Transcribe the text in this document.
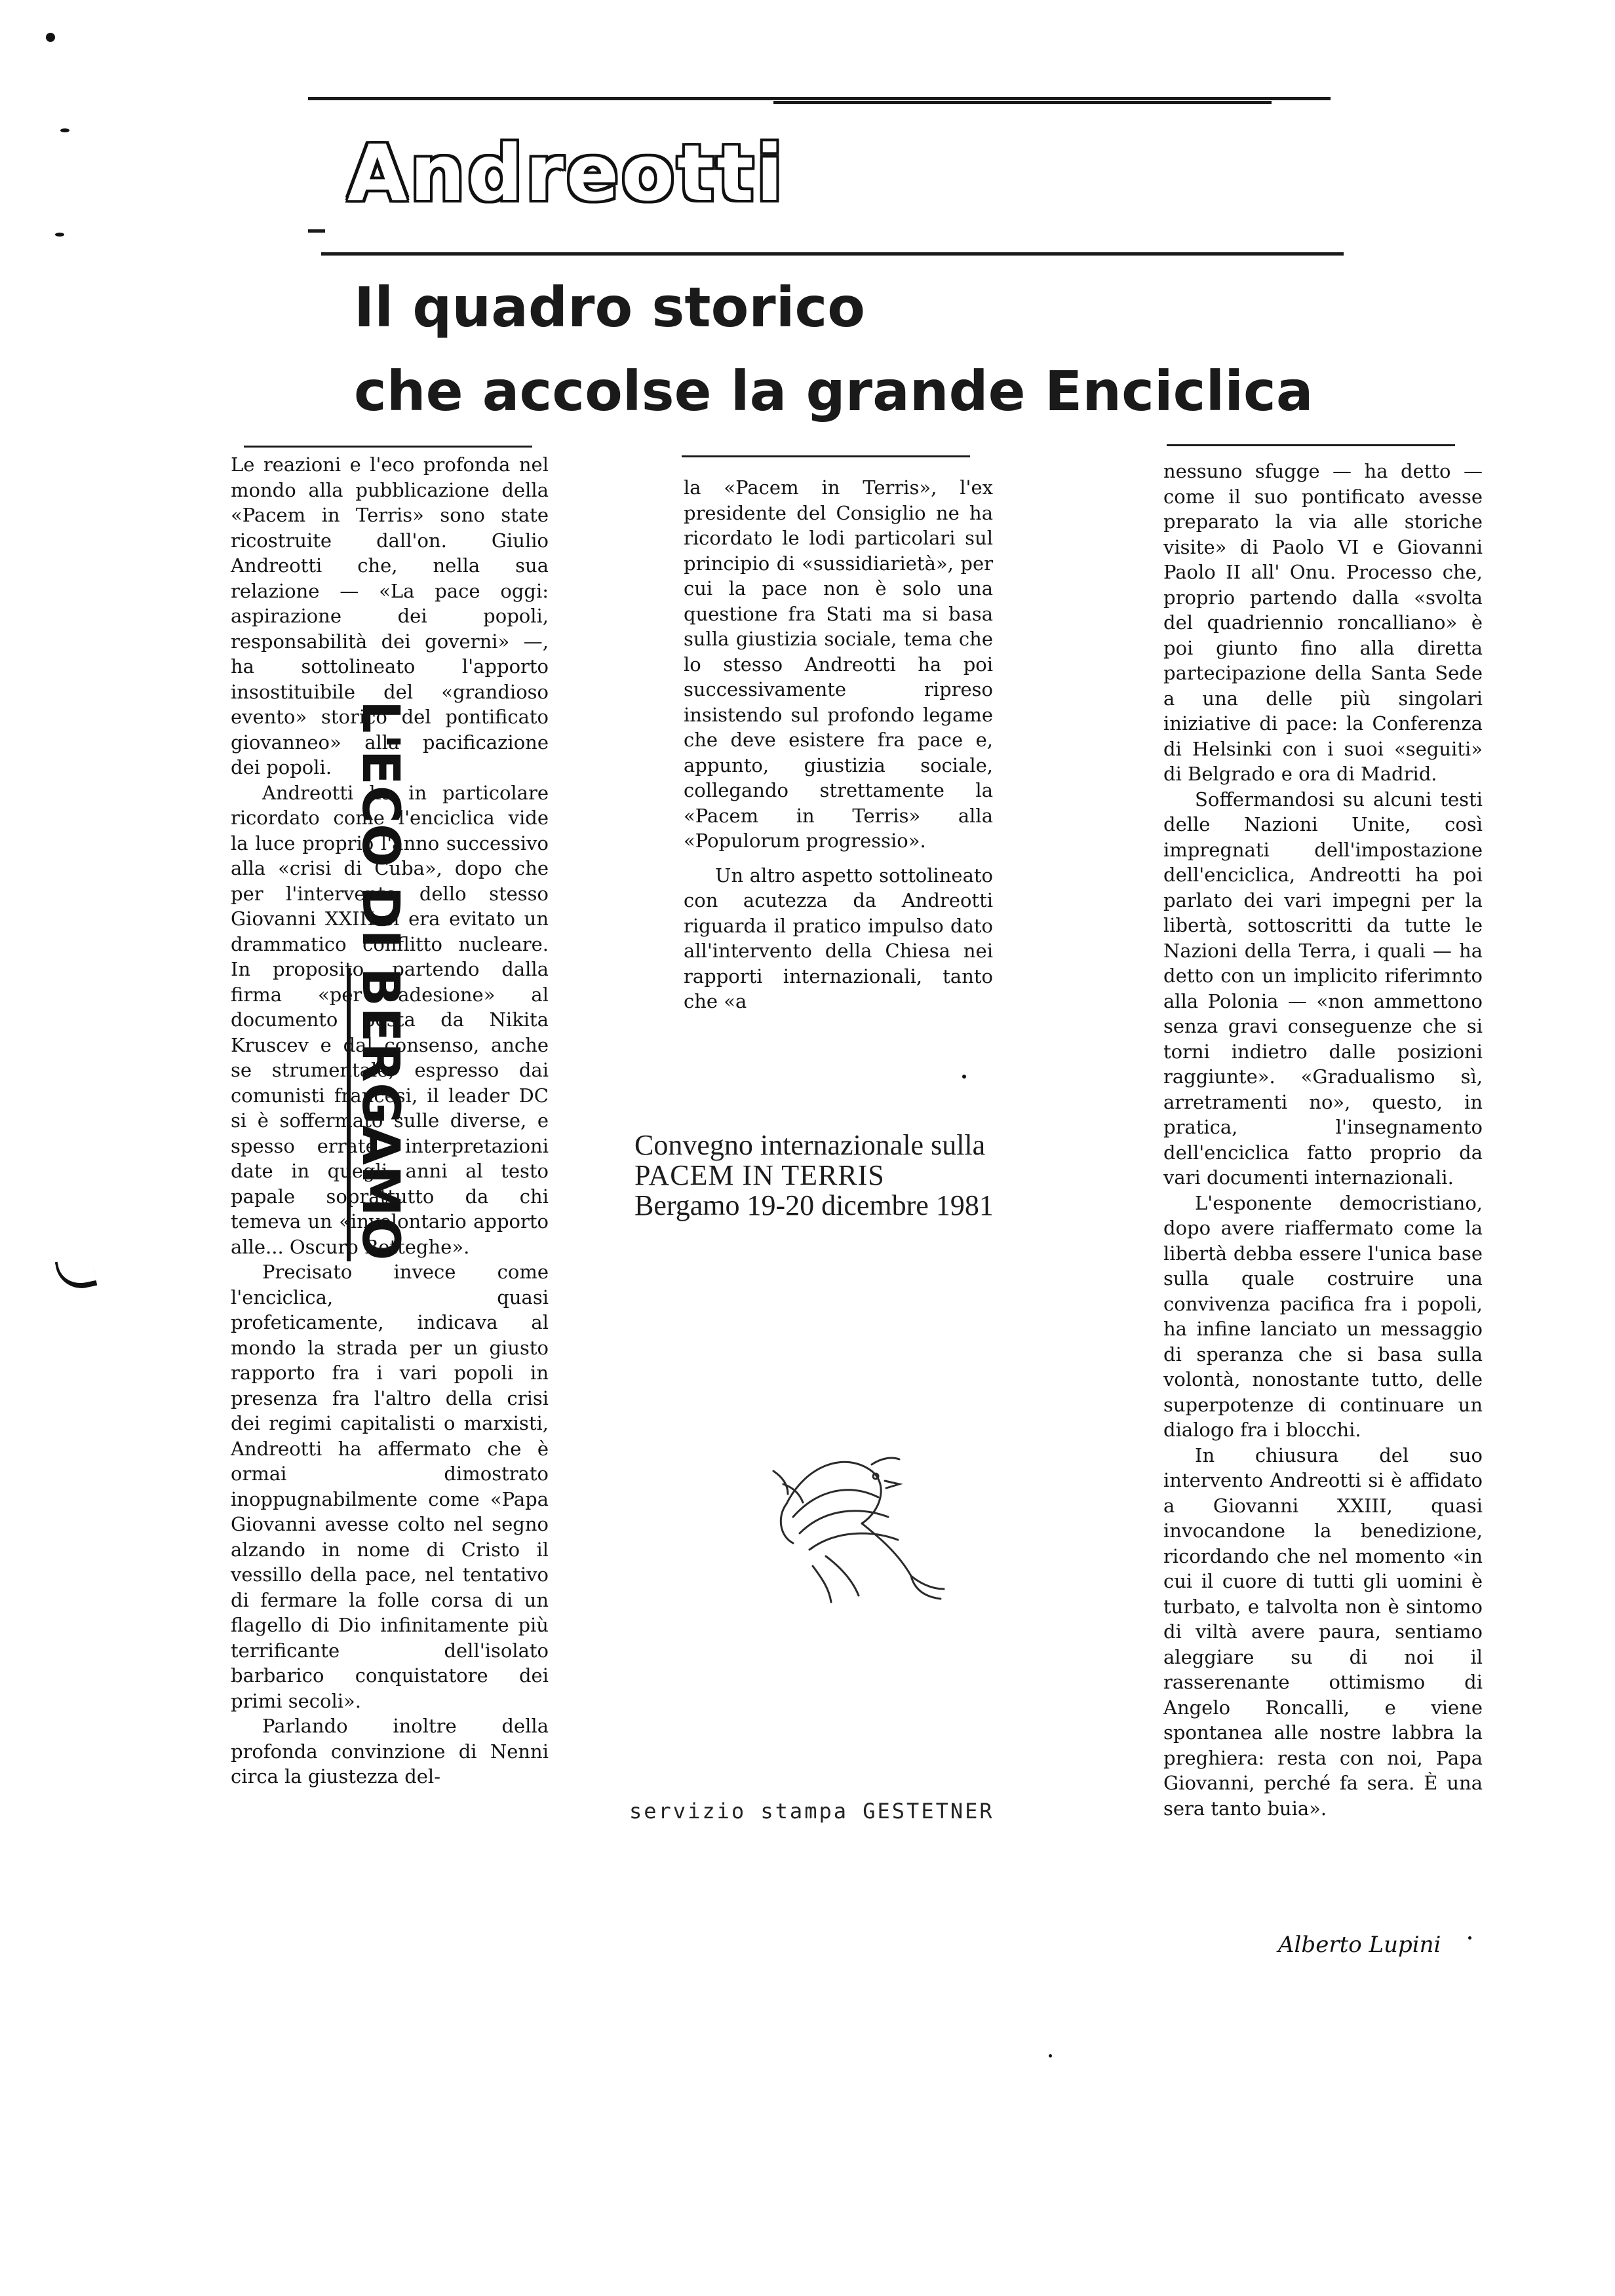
Andreotti
Il quadro storico
che accolse la grande Enciclica
L'ECO DI BERGAMO

Le reazioni e l'eco profonda nel mondo alla pubblicazione della «Pacem in Terris» sono state ricostruite dall'on. Giulio Andreotti che, nella sua relazione — «La pace oggi: aspirazione dei popoli, responsabilità dei governi» —, ha sottolineato l'apporto insostituibile del «grandioso evento» storico del pontificato giovanneo» alla pacificazione dei popoli.

Andreotti ha in particolare ricordato come l'enciclica vide la luce proprio l'anno successivo alla «crisi di Cuba», dopo che per l'intervento dello stesso Giovanni XXIII si era evitato un drammatico conflitto nucleare. In proposito, partendo dalla firma «per adesione» al documento posta da Nikita Kruscev e dal consenso, anche se strumentale, espresso dai comunisti francesi, il leader DC si è soffermato sulle diverse, e spesso errate, interpretazioni date in quegli anni al testo papale soprattutto da chi temeva un «involontario apporto alle... Oscuro Betteghe».

Precisato invece come l'enciclica, quasi profeticamente, indicava al mondo la strada per un giusto rapporto fra i vari popoli in presenza fra l'altro della crisi dei regimi capitalisti o marxisti, Andreotti ha affermato che è ormai dimostrato inoppugnabilmente come «Papa Giovanni avesse colto nel segno alzando in nome di Cristo il vessillo della pace, nel tentativo di fermare la folle corsa di un flagello di Dio infinitamente più terrificante dell'isolato barbarico conquistatore dei primi secoli».

Parlando inoltre della profonda convinzione di Nenni circa la giustezza del-

la «Pacem in Terris», l'ex presidente del Consiglio ne ha ricordato le lodi particolari sul principio di «sussidiarietà», per cui la pace non è solo una questione fra Stati ma si basa sulla giustizia sociale, tema che lo stesso Andreotti ha poi successivamente ripreso insistendo sul profondo legame che deve esistere fra pace e, appunto, giustizia sociale, collegando strettamente la «Pacem in Terris» alla «Populorum progressio».

Un altro aspetto sottolineato con acutezza da Andreotti riguarda il pratico impulso dato all'intervento della Chiesa nei rapporti internazionali, tanto che «a

nessuno sfugge — ha detto — come il suo pontificato avesse preparato la via alle storiche visite» di Paolo VI e Giovanni Paolo II all' Onu. Processo che, proprio partendo dalla «svolta del quadriennio roncalliano» è poi giunto fino alla diretta partecipazione della Santa Sede a una delle più singolari iniziative di pace: la Conferenza di Helsinki con i suoi «seguiti» di Belgrado e ora di Madrid.

Soffermandosi su alcuni testi delle Nazioni Unite, così impregnati dell'impostazione dell'enciclica, Andreotti ha poi parlato dei vari impegni per la libertà, sottoscritti da tutte le Nazioni della Terra, i quali — ha detto con un implicito riferimnto alla Polonia — «non ammettono senza gravi conseguenze che si torni indietro dalle posizioni raggiunte». «Gradualismo sì, arretramenti no», questo, in pratica, l'insegnamento dell'enciclica fatto proprio da vari documenti internazionali.

L'esponente democristiano, dopo avere riaffermato come la libertà debba essere l'unica base sulla quale costruire una convivenza pacifica fra i popoli, ha infine lanciato un messaggio di speranza che si basa sulla volontà, nonostante tutto, delle superpotenze di continuare un dialogo fra i blocchi.

In chiusura del suo intervento Andreotti si è affidato a Giovanni XXIII, quasi invocandone la benedizione, ricordando che nel momento «in cui il cuore di tutti gli uomini è turbato, e talvolta non è sintomo di viltà avere paura, sentiamo aleggiare su di noi il rasserenante ottimismo di Angelo Roncalli, e viene spontanea alle nostre labbra la preghiera: resta con noi, Papa Giovanni, perché fa sera. È una sera tanto buia».

Alberto Lupini
Convegno internazionale sulla
PACEM IN TERRIS
Bergamo 19-20 dicembre 1981
servizio stampa GESTETNER
